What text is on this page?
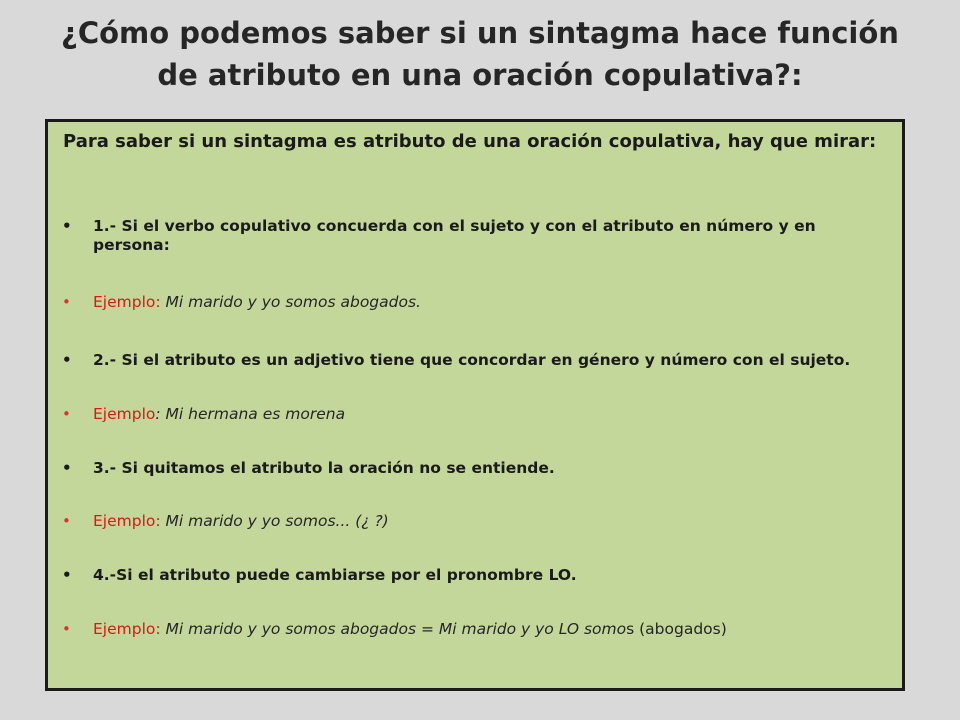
¿Cómo podemos saber si un sintagma hace función de atributo en una oración copulativa?:
Para saber si un sintagma es atributo de una oración copulativa, hay que mirar:
• 1.- Si el verbo copulativo concuerda con el sujeto y con el atributo en número y en persona:
• Ejemplo: Mi marido y yo somos abogados.
• 2.- Si el atributo es un adjetivo tiene que concordar en género y número con el sujeto.
• Ejemplo: Mi hermana es morena
• 3.- Si quitamos el atributo la oración no se entiende.
• Ejemplo: Mi marido y yo somos... (¿ ?)
• 4.-Si el atributo puede cambiarse por el pronombre LO.
• Ejemplo: Mi marido y yo somos abogados = Mi marido y yo LO somos (abogados)
